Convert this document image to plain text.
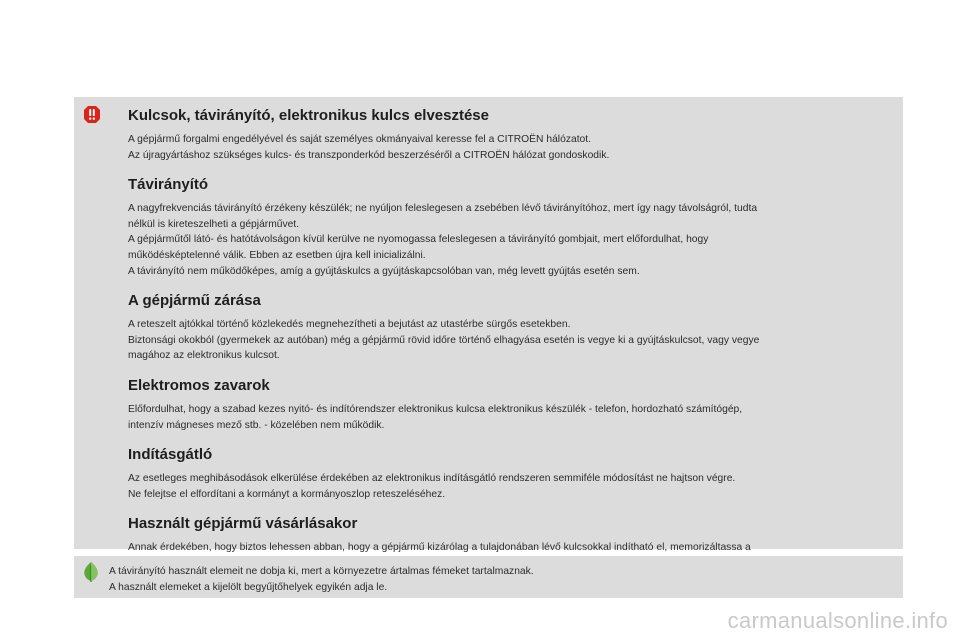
Kulcsok, távirányító, elektronikus kulcs elvesztése

A gépjármű forgalmi engedélyével és saját személyes okmányaival keresse fel a CITROËN hálózatot.
Az újragyártáshoz szükséges kulcs- és transzponderkód beszerzéséről a CITROËN hálózat gondoskodik.

Távirányító

A nagyfrekvenciás távirányító érzékeny készülék; ne nyúljon feleslegesen a zsebében lévő távirányítóhoz, mert így nagy távolságról, tudta
nélkül is kireteszelheti a gépjárművet.
A gépjárműtől látó- és hatótávolságon kívül kerülve ne nyomogassa feleslegesen a távirányító gombjait, mert előfordulhat, hogy
működésképtelenné válik. Ebben az esetben újra kell inicializálni.
A távirányító nem működőképes, amíg a gyújtáskulcs a gyújtáskapcsolóban van, még levett gyújtás esetén sem.

A gépjármű zárása

A reteszelt ajtókkal történő közlekedés megnehezítheti a bejutást az utastérbe sürgős esetekben.
Biztonsági okokból (gyermekek az autóban) még a gépjármű rövid időre történő elhagyása esetén is vegye ki a gyújtáskulcsot, vagy vegye
magához az elektronikus kulcsot.

Elektromos zavarok

Előfordulhat, hogy a szabad kezes nyitó- és indítórendszer elektronikus kulcsa elektronikus készülék - telefon, hordozható számítógép,
intenzív mágneses mező stb. - közelében nem működik.

Indításgátló

Az esetleges meghibásodások elkerülése érdekében az elektronikus indításgátló rendszeren semmiféle módosítást ne hajtson végre.
Ne felejtse el elfordítani a kormányt a kormányoszlop reteszeléséhez.

Használt gépjármű vásárlásakor

Annak érdekében, hogy biztos lehessen abban, hogy a gépjármű kizárólag a tulajdonában lévő kulcsokkal indítható el, memorizáltassa a

A távirányító használt elemeit ne dobja ki, mert a környezetre ártalmas fémeket tartalmaznak.
A használt elemeket a kijelölt begyűjtőhelyek egyikén adja le.
carmanualsonline.info
